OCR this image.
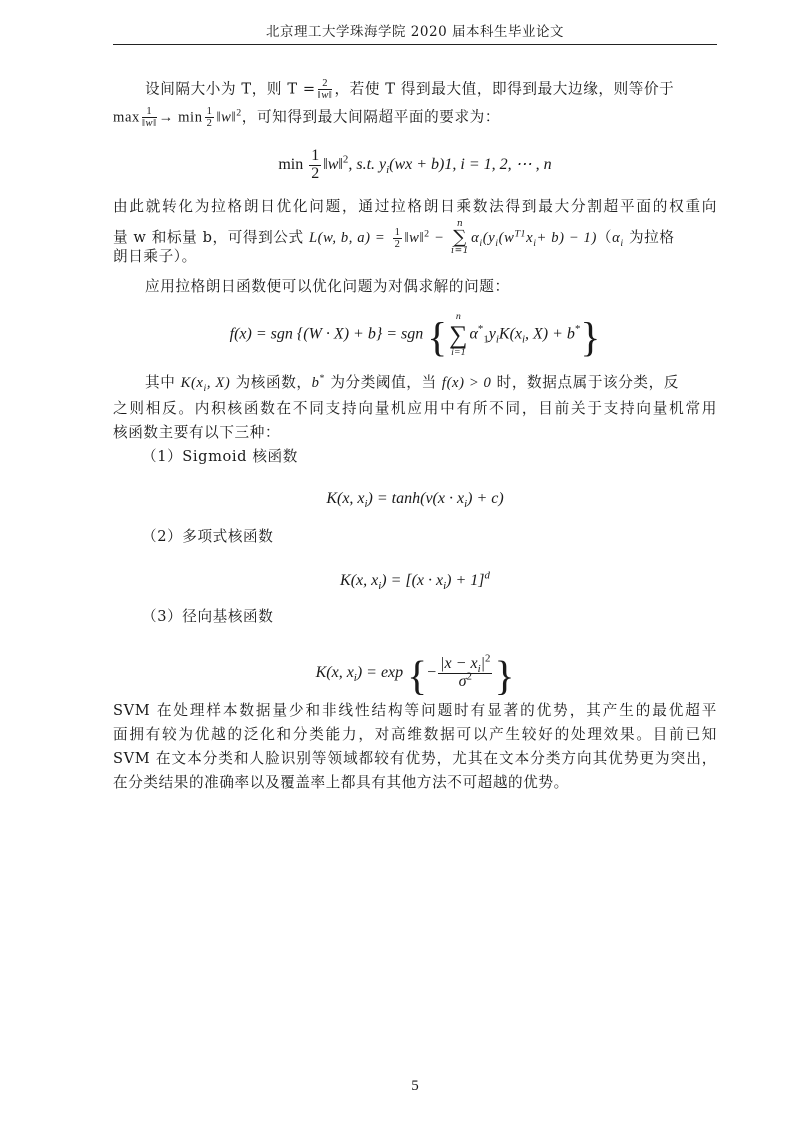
北京理工大学珠海学院 2020 届本科生毕业论文
设间隔大小为 T，则 $T = \frac{2}{‖w‖}$ ，若使 T 得到最大值，即得到最大边缘，则等价于
$\max \frac{1}{‖w‖} \to \min \frac{1}{2}$ ‖w‖$^2$，可知得到最大间隔超平面的要求为：
$\min \frac{1}{2}$ ‖w‖$^2$, s.t. $y_i(wx + b)1$, i = 1, 2, ⋯ , n
由此就转化为拉格朗日优化问题，通过拉格朗日乘数法得到最大分割超平面的权重向
量 w 和标量 b，可得到公式 L(w, b, $a) = \frac{1}{2}$ ‖w‖$^2$ −
n
∑
i=1
$\alpha_i(y_i(w^{T1}x_i+ b) - 1)(\alpha_i$ 为拉格
朗日乘子）。
应用拉格朗日函数便可以优化问题为对偶求解的问题：
f(x) = sgn {(W · X) + b} = sgn { n
∑
i=1
$\alpha^*_1y_iK(x_i$, X) + b*}
其中 $K(x_i$, X) 为核函数，b* 为分类阈值，当 f(x) > 0 时，数据点属于该分类，反
之则相反。内积核函数在不同支持向量机应用中有所不同，目前关于支持向量机常用
核函数主要有以下三种：
（1）Sigmoid 核函数
K(x, $x_i) = \tanh(v(x \cdot x_i) + c)$
（2）多项式核函数
K(x, $x_i) = [(x \cdot x_i) + 1]^d$
（3）径向基核函数
K(x, $x_i) = \exp$ {− $\frac{|x - x_i|^2}{\sigma^2}$ }
SVM 在处理样本数据量少和非线性结构等问题时有显著的优势，其产生的最优超平
面拥有较为优越的泛化和分类能力，对高维数据可以产生较好的处理效果。目前已知
SVM 在文本分类和人脸识别等领域都较有优势，尤其在文本分类方向其优势更为突出，
在分类结果的准确率以及覆盖率上都具有其他方法不可超越的优势。
5
